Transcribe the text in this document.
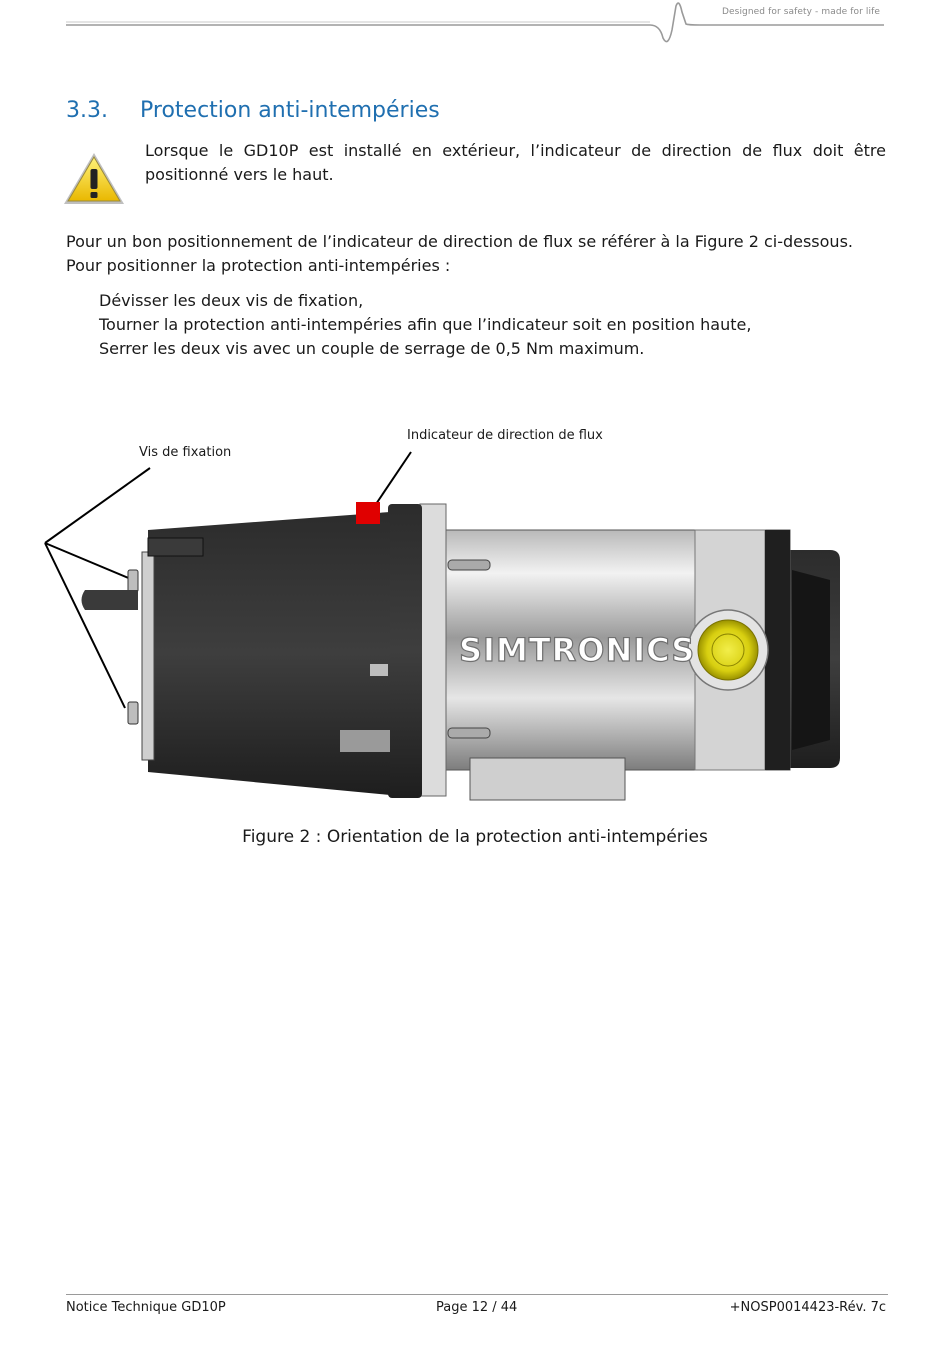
Designed for safety - made for life
3.3. Protection anti-intempéries
Lorsque le GD10P est installé en extérieur, l’indicateur de direction de flux doit être positionné vers le haut.
Pour un bon positionnement de l’indicateur de direction de flux se référer à la Figure 2 ci-dessous.
Pour positionner la protection anti-intempéries :
Dévisser les deux vis de fixation,
Tourner la protection anti-intempéries afin que l’indicateur soit en position haute,
Serrer les deux vis avec un couple de serrage de 0,5 Nm maximum.
SIMTRONICS
Vis de fixation
Indicateur de direction de flux
Figure 2 : Orientation de la protection anti-intempéries
Notice Technique GD10P	Page 12 / 44	+NOSP0014423-Rév. 7c
